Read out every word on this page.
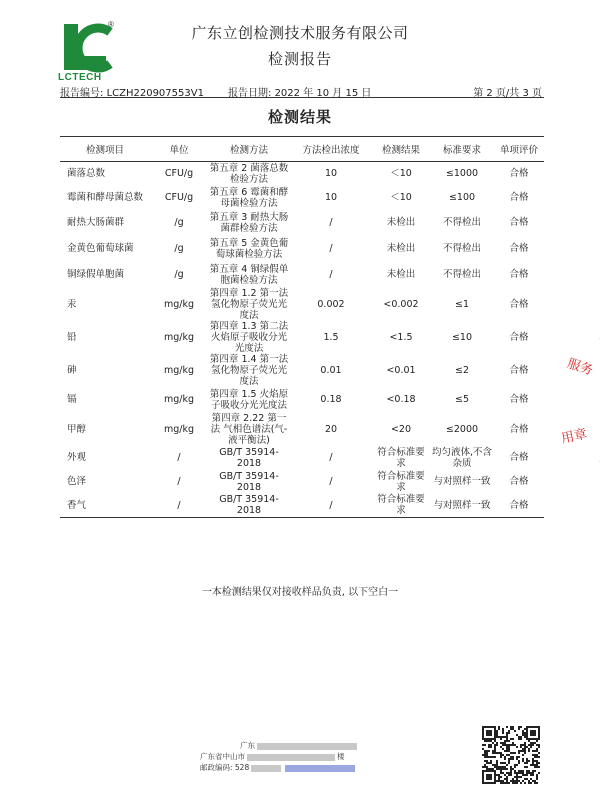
®
LCTECH
广东立创检测技术服务有限公司
检测报告
报告编号: LCZH220907553V1 报告日期: 2022 年 10 月 15 日	第 2 页/共 3 页
检测结果
检测项目	单位	检测方法	方法检出浓度	检测结果	标准要求	单项评价
菌落总数	CFU/g	第五章 2 菌落总数检验方法	10	＜10	≤1000	合格
霉菌和酵母菌总数	CFU/g	第五章 6 霉菌和酵母菌检验方法	10	＜10	≤100	合格
耐热大肠菌群	/g	第五章 3 耐热大肠菌群检验方法	/	未检出	不得检出	合格
金黄色葡萄球菌	/g	第五章 5 金黄色葡萄球菌检验方法	/	未检出	不得检出	合格
铜绿假单胞菌	/g	第五章 4 铜绿假单胞菌检验方法	/	未检出	不得检出	合格
汞	mg/kg	第四章 1.2 第一法 氢化物原子荧光光度法	0.002	<0.002	≤1	合格
铅	mg/kg	第四章 1.3 第二法 火焰原子吸收分光光度法	1.5	<1.5	≤10	合格
砷	mg/kg	第四章 1.4 第一法 氢化物原子荧光光度法	0.01	<0.01	≤2	合格
镉	mg/kg	第四章 1.5 火焰原子吸收分光光度法	0.18	<0.18	≤5	合格
甲醇	mg/kg	第四章 2.22 第一法 气相色谱法(气-液平衡法)	20	<20	≤2000	合格
外观	/	GB/T 35914-2018	/	符合标准要求	均匀液体,不含杂质	合格
色泽	/	GB/T 35914-2018	/	符合标准要求	与对照样一致	合格
香气	/	GB/T 35914-2018	/	符合标准要求	与对照样一致	合格
一本检测结果仅对接收样品负责, 以下空白一
服务
用章
广东
广东省中山市	楼
邮政编码: 528
